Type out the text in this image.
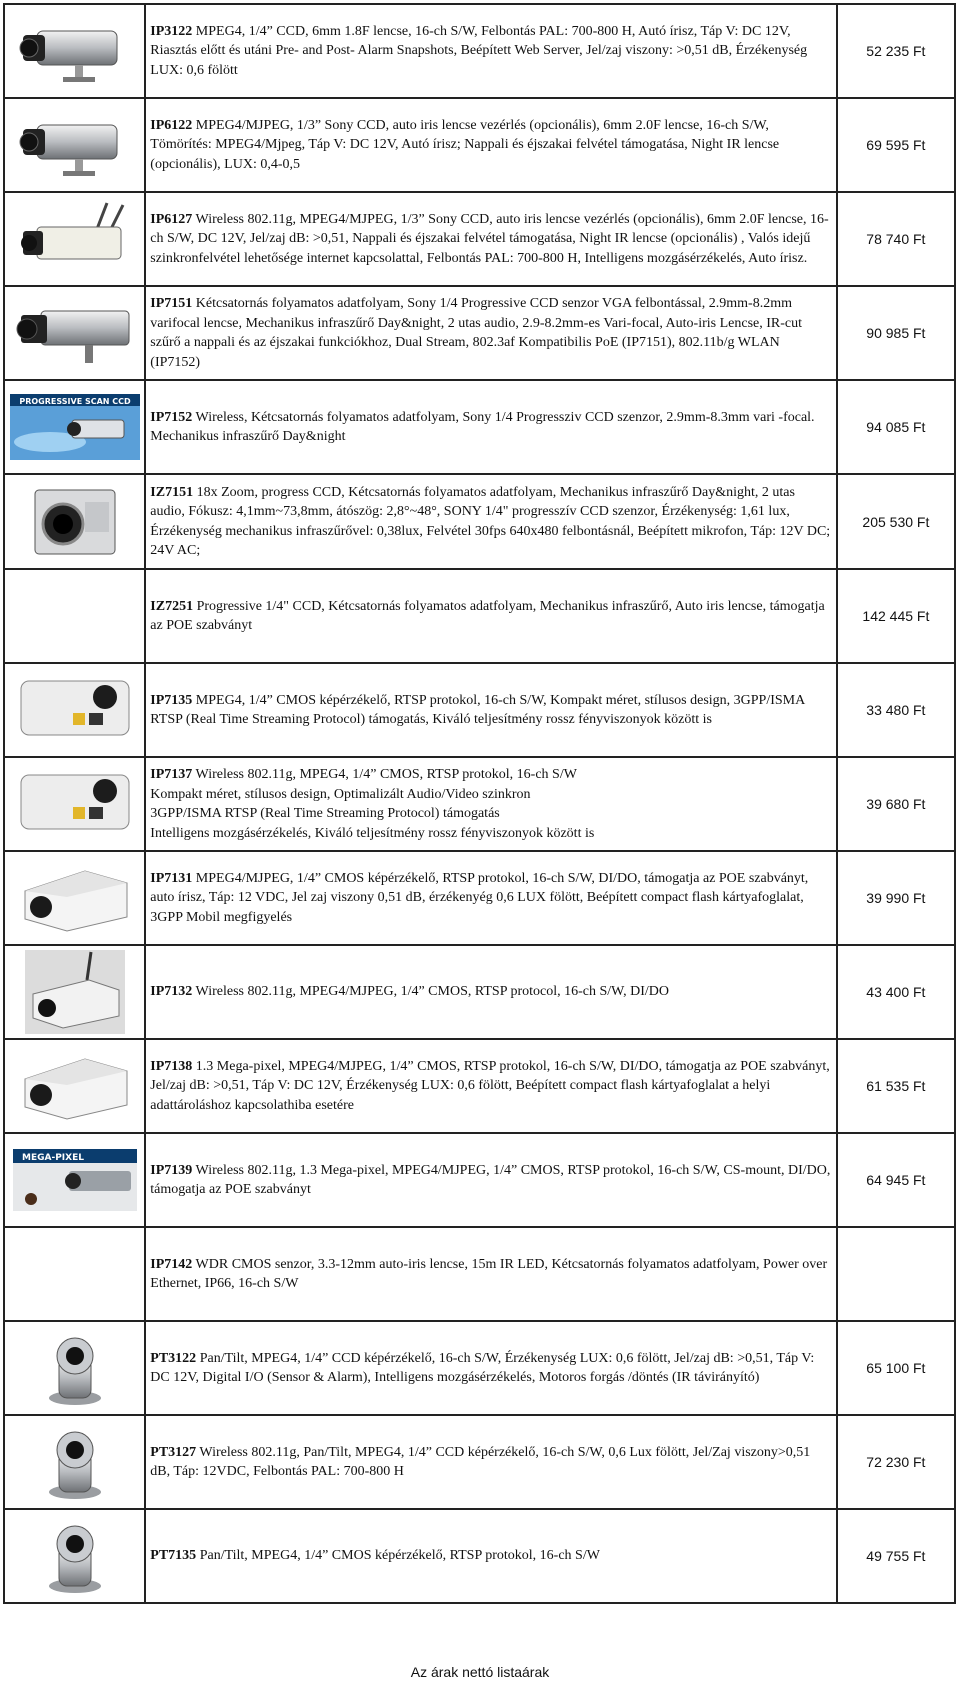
	IP3122 MPEG4, 1/4” CCD, 6mm 1.8F lencse, 16-ch S/W, Felbontás PAL: 700-800 H, Autó írisz, Táp V: DC 12V, Riasztás előtt és utáni Pre- and Post- Alarm Snapshots, Beépített Web Server, Jel/zaj viszony: >0,51 dB, Érzékenység LUX: 0,6 fölött	52 235 Ft

	IP6122 MPEG4/MJPEG, 1/3” Sony CCD, auto iris lencse vezérlés (opcionális), 6mm 2.0F lencse, 16-ch S/W, Tömörítés: MPEG4/Mjpeg, Táp V: DC 12V, Autó írisz; Nappali és éjszakai felvétel támogatása, Night IR lencse (opcionális), LUX: 0,4-0,5	69 595 Ft

	IP6127 Wireless 802.11g, MPEG4/MJPEG, 1/3” Sony CCD, auto iris lencse vezérlés (opcionális), 6mm 2.0F lencse, 16-ch S/W, DC 12V, Jel/zaj dB: >0,51, Nappali és éjszakai felvétel támogatása, Night IR lencse (opcionális) , Valós idejű szinkronfelvétel lehetősége internet kapcsolattal, Felbontás PAL: 700-800 H, Intelligens mozgásérzékelés, Auto írisz.	78 740 Ft

	IP7151 Kétcsatornás folyamatos adatfolyam, Sony 1/4 Progressive CCD senzor VGA felbontással, 2.9mm-8.2mm varifocal lencse, Mechanikus infraszűrő Day&night, 2 utas audio, 2.9-8.2mm-es Vari-focal, Auto-iris Lencse, IR-cut szűrő a nappali és az éjszakai funkciókhoz, Dual Stream, 802.3af Kompatibilis PoE (IP7151), 802.11b/g WLAN (IP7152)	90 985 Ft

PROGRESSIVE SCAN CCD	IP7152 Wireless, Kétcsatornás folyamatos adatfolyam, Sony 1/4 Progressziv CCD szenzor, 2.9mm-8.3mm vari -focal. Mechanikus infraszűrő Day&night	94 085 Ft

	IZ7151 18x Zoom, progress CCD, Kétcsatornás folyamatos adatfolyam, Mechanikus infraszűrő Day&night, 2 utas audio, Fókusz: 4,1mm~73,8mm, átószög: 2,8°~48°, SONY 1/4" progresszív CCD szenzor, Érzékenység: 1,61 lux, Érzékenység mechanikus infraszűrővel: 0,38lux, Felvétel 30fps 640x480 felbontásnál, Beépített mikrofon, Táp: 12V DC; 24V AC;	205 530 Ft
	IZ7251 Progressive 1/4" CCD, Kétcsatornás folyamatos adatfolyam, Mechanikus infraszűrő, Auto iris lencse, támogatja az POE szabványt	142 445 Ft

	IP7135 MPEG4, 1/4” CMOS képérzékelő, RTSP protokol, 16-ch S/W, Kompakt méret, stílusos design, 3GPP/ISMA RTSP (Real Time Streaming Protocol) támogatás, Kiváló teljesítmény rossz fényviszonyok között is	33 480 Ft

	IP7137 Wireless 802.11g, MPEG4, 1/4” CMOS, RTSP protokol, 16-ch S/W
Kompakt méret, stílusos design, Optimalizált Audio/Video szinkron
3GPP/ISMA RTSP (Real Time Streaming Protocol) támogatás
Intelligens mozgásérzékelés, Kiváló teljesítmény rossz fényviszonyok között is	39 680 Ft

	IP7131 MPEG4/MJPEG, 1/4” CMOS képérzékelő, RTSP protokol, 16-ch S/W, DI/DO, támogatja az POE szabványt, auto írisz, Táp: 12 VDC, Jel zaj viszony 0,51 dB, érzékenyég 0,6 LUX fölött, Beépített compact flash kártyafoglalat, 3GPP Mobil megfigyelés	39 990 Ft

	IP7132 Wireless 802.11g, MPEG4/MJPEG, 1/4” CMOS, RTSP protocol, 16-ch S/W, DI/DO	43 400 Ft

	IP7138 1.3 Mega-pixel, MPEG4/MJPEG, 1/4” CMOS, RTSP protokol, 16-ch S/W, DI/DO, támogatja az POE szabványt, Jel/zaj dB: >0,51, Táp V: DC 12V, Érzékenység LUX: 0,6 fölött, Beépített compact flash kártyafoglalat a helyi adattároláshoz kapcsolathiba esetére	61 535 Ft

MEGA-PIXEL	IP7139 Wireless 802.11g, 1.3 Mega-pixel, MPEG4/MJPEG, 1/4” CMOS, RTSP protokol, 16-ch S/W, CS-mount, DI/DO, támogatja az POE szabványt	64 945 Ft
	IP7142 WDR CMOS senzor, 3.3-12mm auto-iris lencse, 15m IR LED, Kétcsatornás folyamatos adatfolyam, Power over Ethernet, IP66, 16-ch S/W	

	PT3122 Pan/Tilt, MPEG4, 1/4” CCD képérzékelő, 16-ch S/W, Érzékenység LUX: 0,6 fölött, Jel/zaj dB: >0,51, Táp V: DC 12V, Digital I/O (Sensor & Alarm), Intelligens mozgásérzékelés, Motoros forgás /döntés (IR távirányító)	65 100 Ft

	PT3127 Wireless 802.11g, Pan/Tilt, MPEG4, 1/4” CCD képérzékelő, 16-ch S/W, 0,6 Lux fölött, Jel/Zaj viszony>0,51 dB, Táp: 12VDC, Felbontás PAL: 700-800 H	72 230 Ft

	PT7135 Pan/Tilt, MPEG4, 1/4” CMOS képérzékelő, RTSP protokol, 16-ch S/W	49 755 Ft
Az árak nettó listaárak
